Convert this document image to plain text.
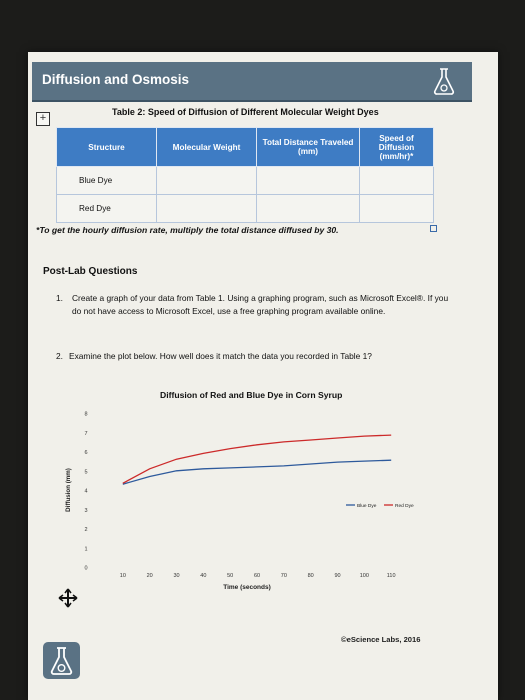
Diffusion and Osmosis
+	Table 2: Speed of Diffusion of Different Molecular Weight Dyes
Structure	Molecular Weight	Total Distance Traveled (mm)	Speed of Diffusion (mm/hr)*
Blue Dye			
Red Dye			
*To get the hourly diffusion rate, multiply the total distance diffused by 30.
Post-Lab Questions
1. Create a graph of your data from Table 1. Using a graphing program, such as Microsoft Excel®. If you do not have access to Microsoft Excel, use a free graphing program available online.
2. Examine the plot below. How well does it match the data you recorded in Table 1?
Diffusion of Red and Blue Dye in Corn Syrup
0
1
2
3
4
5
6
7
8
10	20	30	40	50	60	70	80	90	100	110
Diffusion (mm)
Time (seconds)
Blue Dye	Red Dye
©eScience Labs, 2016
